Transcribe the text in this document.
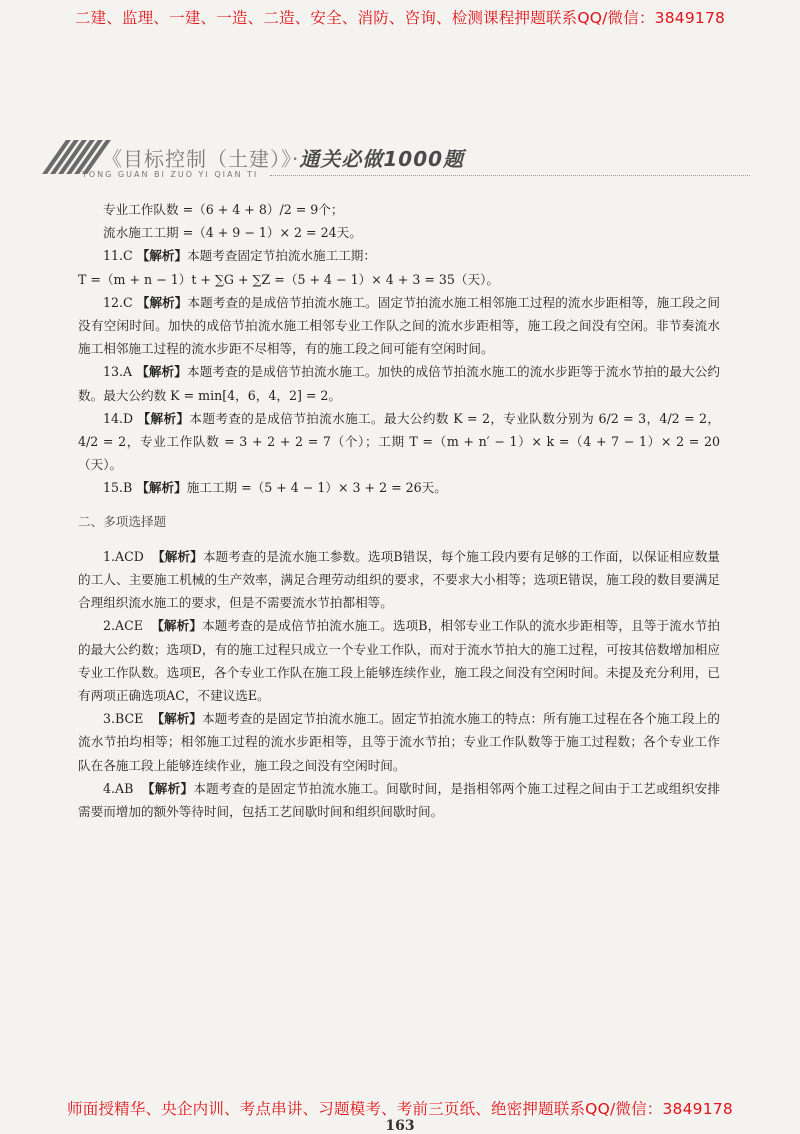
二建、监理、一建、一造、二造、安全、消防、咨询、检测课程押题联系QQ/微信：3849178
《目标控制（土建）》·通关必做1000题
TONG GUAN BI ZUO YI QIAN TI

专业工作队数 =（6 + 4 + 8）/2 = 9个；

流水施工工期 =（4 + 9 − 1）× 2 = 24天。

11.C 【解析】本题考查固定节拍流水施工工期：

T =（m + n − 1）t + ∑G + ∑Z =（5 + 4 − 1）× 4 + 3 = 35（天）。

12.C 【解析】本题考查的是成倍节拍流水施工。固定节拍流水施工相邻施工过程的流水步距相等，施工段之间没有空闲时间。加快的成倍节拍流水施工相邻专业工作队之间的流水步距相等，施工段之间没有空闲。非节奏流水施工相邻施工过程的流水步距不尽相等，有的施工段之间可能有空闲时间。

13.A 【解析】本题考查的是成倍节拍流水施工。加快的成倍节拍流水施工的流水步距等于流水节拍的最大公约数。最大公约数 K = min[4，6，4，2] = 2。

14.D 【解析】本题考查的是成倍节拍流水施工。最大公约数 K = 2，专业队数分别为 6/2 = 3，4/2 = 2，4/2 = 2，专业工作队数 = 3 + 2 + 2 = 7（个）；工期 T =（m + n′ − 1）× k =（4 + 7 − 1）× 2 = 20（天）。

15.B 【解析】施工工期 =（5 + 4 − 1）× 3 + 2 = 26天。

二、多项选择题

1.ACD 【解析】本题考查的是流水施工参数。选项B错误，每个施工段内要有足够的工作面，以保证相应数量的工人、主要施工机械的生产效率，满足合理劳动组织的要求，不要求大小相等；选项E错误，施工段的数目要满足合理组织流水施工的要求，但是不需要流水节拍都相等。

2.ACE 【解析】本题考查的是成倍节拍流水施工。选项B，相邻专业工作队的流水步距相等，且等于流水节拍的最大公约数；选项D，有的施工过程只成立一个专业工作队，而对于流水节拍大的施工过程，可按其倍数增加相应专业工作队数。选项E，各个专业工作队在施工段上能够连续作业，施工段之间没有空闲时间。未提及充分利用，已有两项正确选项AC，不建议选E。

3.BCE 【解析】本题考查的是固定节拍流水施工。固定节拍流水施工的特点：所有施工过程在各个施工段上的流水节拍均相等；相邻施工过程的流水步距相等，且等于流水节拍；专业工作队数等于施工过程数；各个专业工作队在各施工段上能够连续作业，施工段之间没有空闲时间。

4.AB 【解析】本题考查的是固定节拍流水施工。间歇时间，是指相邻两个施工过程之间由于工艺或组织安排需要而增加的额外等待时间，包括工艺间歇时间和组织间歇时间。

师面授精华、央企内训、考点串讲、习题模考、考前三页纸、绝密押题联系QQ/微信：3849178
163
